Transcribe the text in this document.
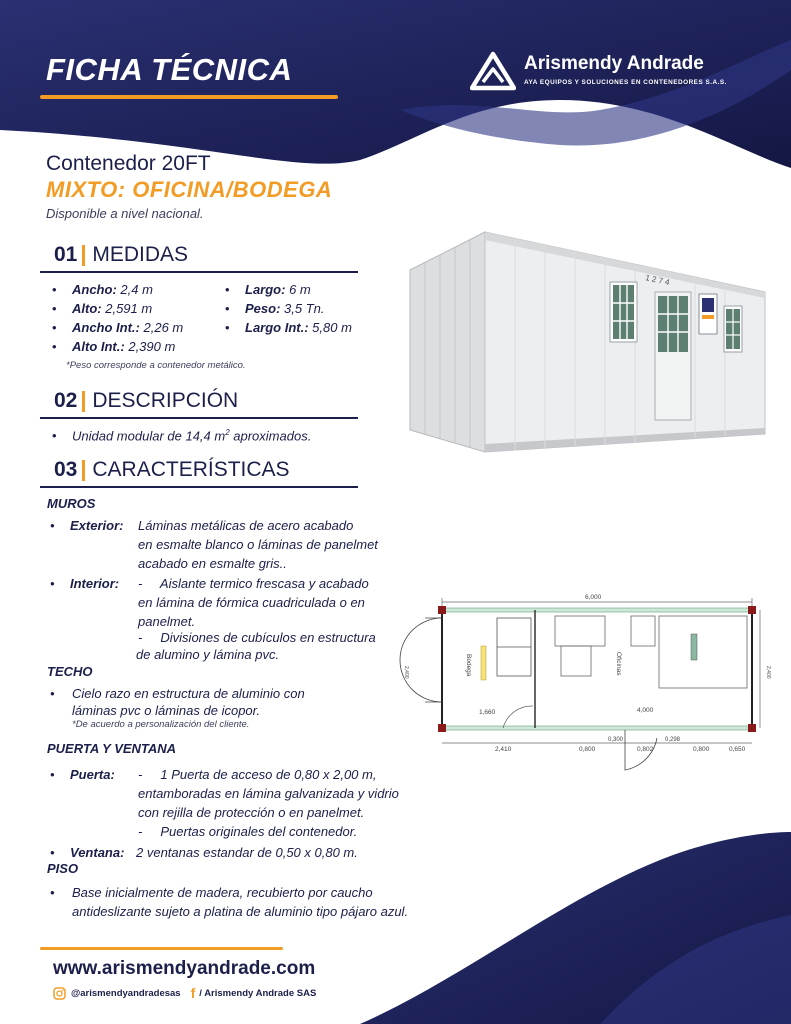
FICHA TÉCNICA	Arismendy Andrade
AYA EQUIPOS Y SOLUCIONES EN CONTENEDORES S.A.S.
Contenedor 20FT
MIXTO: OFICINA/BODEGA
Disponible a nivel nacional.
01 MEDIDAS
• Ancho: 2,4 m
• Alto: 2,591 m
• Ancho Int.: 2,26 m
• Alto Int.: 2,390 m
• Largo: 6 m
• Peso: 3,5 Tn.
• Largo Int.: 5,80 m
*Peso corresponde a contenedor metálico.
02 DESCRIPCIÓN
• Unidad modular de 14,4 $m^2$ aproximados.
03 CARACTERÍSTICAS
MUROS
• Exterior: Láminas metálicas de acero acabado
en esmalte blanco o láminas de panelmet
acabado en esmalte gris..
• Interior: -     Aislante termico frescasa y acabado
en lámina de fórmica cuadriculada o en
panelmet.
-     Divisiones de cubículos en estructura
de alumino y lámina pvc.
TECHO
• Cielo razo en estructura de aluminio con
láminas pvc o láminas de icopor.
*De acuerdo a personalización del cliente.
PUERTA Y VENTANA
• Puerta: -     1 Puerta de acceso de 0,80 x 2,00 m,
entamboradas en lámina galvanizada y vidrio
con rejilla de protección o en panelmet.
-     Puertas originales del contenedor.
• Ventana: 2 ventanas estandar de 0,50 x 0,80 m.
PISO
• Base inicialmente de madera, recubierto por caucho
antideslizante sujeto a platina de aluminio tipo pájaro azul.
1 2 7 4
6,000
Bodega	Oficinas
1,660	4,000
2,410	0,800
0,300
0,802
0,298
0,800	0,650
2,400
2,400
www.arismendyandrade.com
@arismendyandradesas f / Arismendy Andrade SAS
